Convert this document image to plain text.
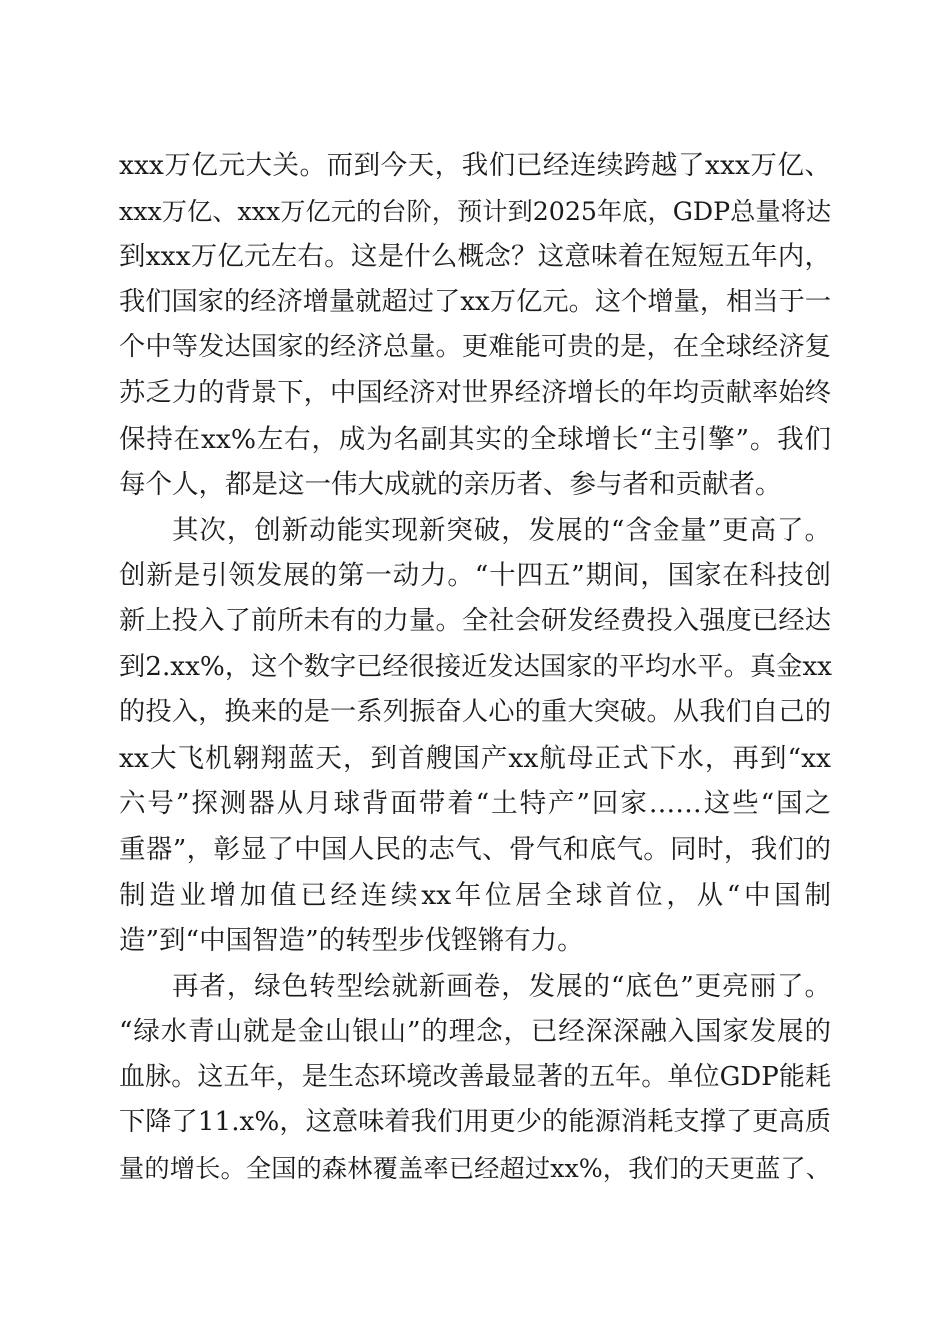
xxx万亿元大关。而到今天，我们已经连续跨越了xxx万亿、
xxx万亿、xxx万亿元的台阶，预计到2025年底，GDP总量将达
到xxx万亿元左右。这是什么概念？这意味着在短短五年内，
我们国家的经济增量就超过了xx万亿元。这个增量，相当于一
个中等发达国家的经济总量。更难能可贵的是，在全球经济复
苏乏力的背景下，中国经济对世界经济增长的年均贡献率始终
保持在xx%左右，成为名副其实的全球增长“主引擎”。我们
每个人，都是这一伟大成就的亲历者、参与者和贡献者。
其次，创新动能实现新突破，发展的“含金量”更高了。
创新是引领发展的第一动力。“十四五”期间，国家在科技创
新上投入了前所未有的力量。全社会研发经费投入强度已经达
到2.xx%，这个数字已经很接近发达国家的平均水平。真金xx
的投入，换来的是一系列振奋人心的重大突破。从我们自己的
xx大飞机翱翔蓝天，到首艘国产xx航母正式下水，再到“xx
六号”探测器从月球背面带着“土特产”回家……这些“国之
重器”，彰显了中国人民的志气、骨气和底气。同时，我们的
制造业增加值已经连续xx年位居全球首位，从“中国制
造”到“中国智造”的转型步伐铿锵有力。
再者，绿色转型绘就新画卷，发展的“底色”更亮丽了。
“绿水青山就是金山银山”的理念，已经深深融入国家发展的
血脉。这五年，是生态环境改善最显著的五年。单位GDP能耗
下降了11.x%，这意味着我们用更少的能源消耗支撑了更高质
量的增长。全国的森林覆盖率已经超过xx%，我们的天更蓝了、
